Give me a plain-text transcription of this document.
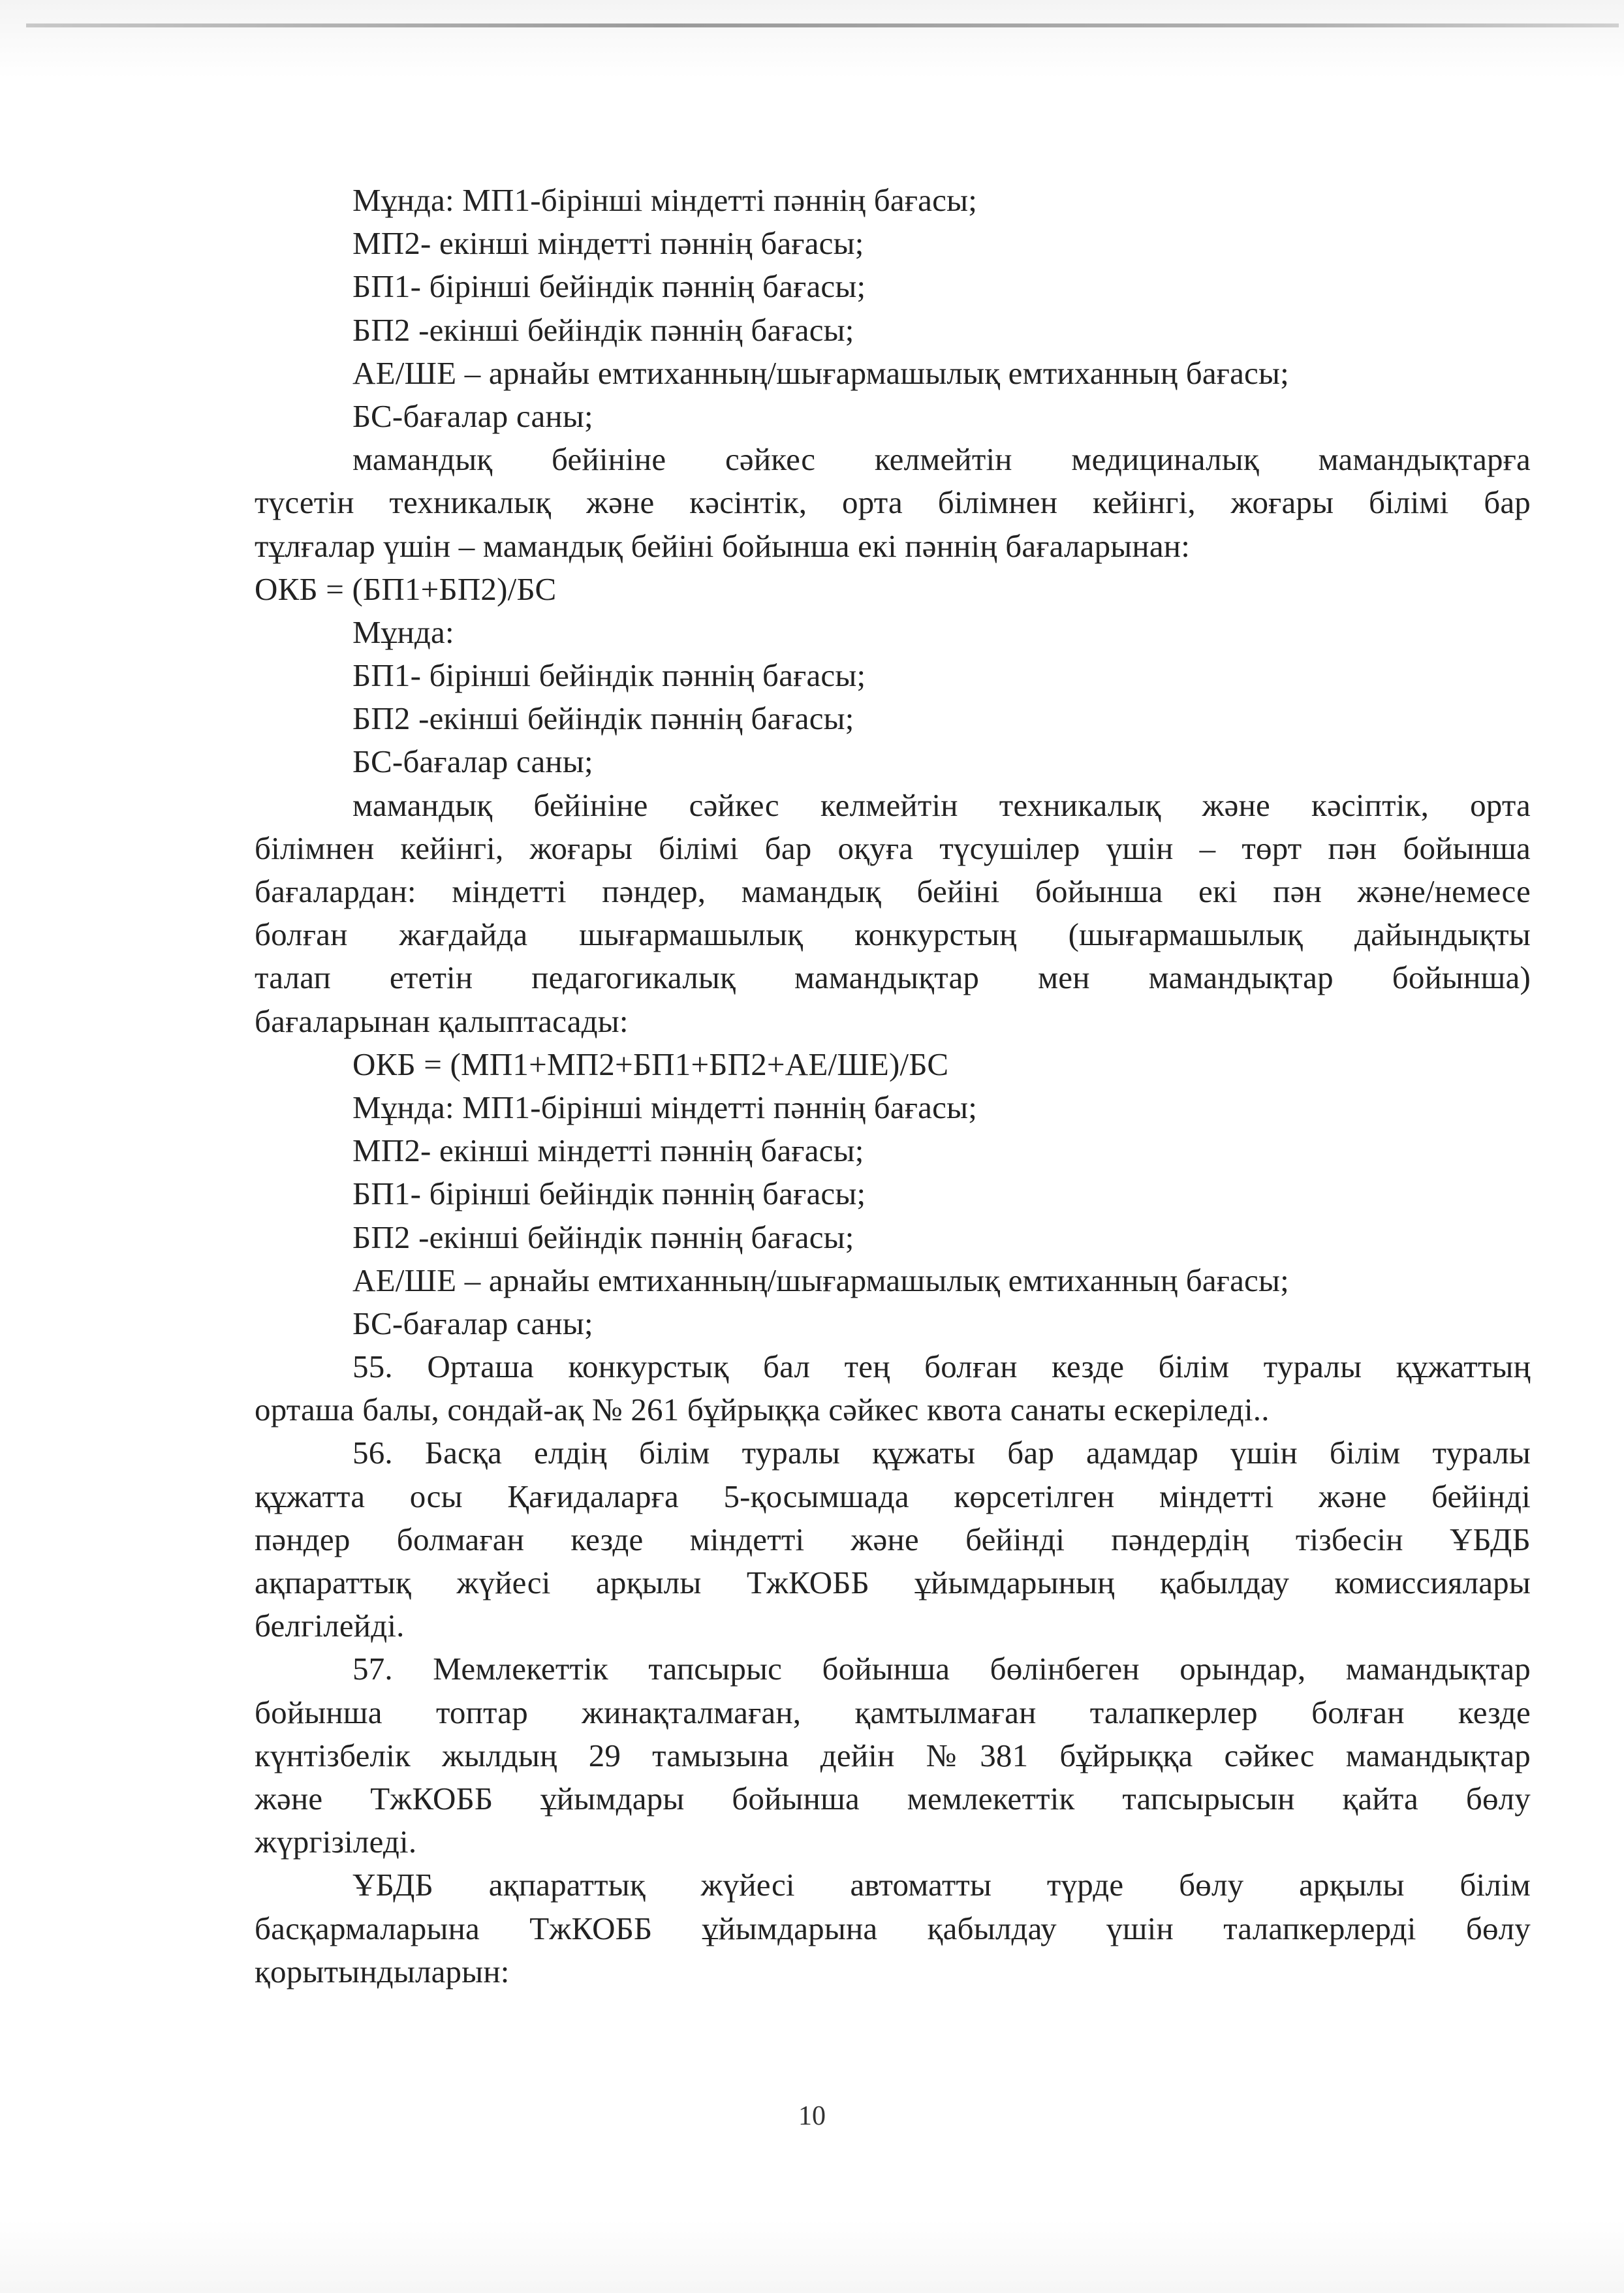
Мұнда: МП1-бірінші міндетті пәннің бағасы;
МП2- екінші міндетті пәннің бағасы;
БП1- бірінші бейіндік пәннің бағасы;
БП2 -екінші бейіндік пәннің бағасы;
АЕ/ШЕ – арнайы емтиханның/шығармашылық емтиханның бағасы;
БС-бағалар саны;
мамандық бейініне сәйкес келмейтін медициналық мамандықтарға
түсетін техникалық және кәсінтік, орта білімнен кейінгі, жоғары білімі бар
тұлғалар үшін – мамандық бейіні бойынша екі пәннің бағаларынан:
ОКБ = (БП1+БП2)/БС
Мұнда:
БП1- бірінші бейіндік пәннің бағасы;
БП2 -екінші бейіндік пәннің бағасы;
БС-бағалар саны;
мамандық бейініне сәйкес келмейтін техникалық және кәсіптік, орта
білімнен кейінгі, жоғары білімі бар оқуға түсушілер үшін – төрт пән бойынша
бағалардан: міндетті пәндер, мамандық бейіні бойынша екі пән және/немесе
болған жағдайда шығармашылық конкурстың (шығармашылық дайындықты
талап ететін педагогикалық мамандықтар мен мамандықтар бойынша)
бағаларынан қалыптасады:
ОКБ = (МП1+МП2+БП1+БП2+АЕ/ШЕ)/БС
Мұнда: МП1-бірінші міндетті пәннің бағасы;
МП2- екінші міндетті пәннің бағасы;
БП1- бірінші бейіндік пәннің бағасы;
БП2 -екінші бейіндік пәннің бағасы;
АЕ/ШЕ – арнайы емтиханның/шығармашылық емтиханның бағасы;
БС-бағалар саны;
55. Орташа конкурстық бал тең болған кезде білім туралы құжаттың
орташа балы, сондай-ақ № 261 бұйрыққа сәйкес квота санаты ескеріледі..
56. Басқа елдің білім туралы құжаты бар адамдар үшін білім туралы
құжатта осы Қағидаларға 5-қосымшада көрсетілген міндетті және бейінді
пәндер болмаған кезде міндетті және бейінді пәндердің тізбесін ҰБДБ
ақпараттық жүйесі арқылы ТжКОББ ұйымдарының қабылдау комиссиялары
белгілейді.
57. Мемлекеттік тапсырыс бойынша бөлінбеген орындар, мамандықтар
бойынша топтар жинақталмаған, қамтылмаған талапкерлер болған кезде
күнтізбелік жылдың 29 тамызына дейін №381 бұйрыққа сәйкес мамандықтар
және ТжКОББ ұйымдары бойынша мемлекеттік тапсырысын қайта бөлу
жүргізіледі.
ҰБДБ ақпараттық жүйесі автоматты түрде бөлу арқылы білім
басқармаларына ТжКОББ ұйымдарына қабылдау үшін талапкерлерді бөлу
қорытындыларын:
10
